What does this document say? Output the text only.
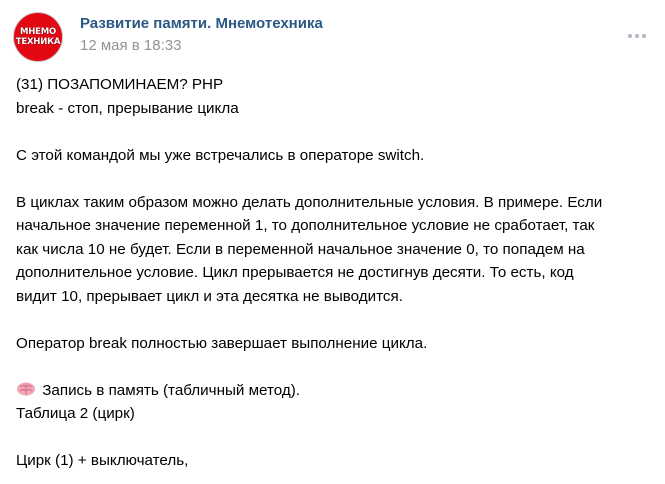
МНЕМО
ТЕХНИКА
Развитие памяти. Мнемотехника
12 мая в 18:33

(31) ПОЗАПОМИНАЕМ? PHP

break - стоп, прерывание цикла

С этой командой мы уже встречались в операторе switch.

В циклах таким образом можно делать дополнительные условия. В примере. Если

начальное значение переменной 1, то дополнительное условие не сработает, так

как числа 10 не будет. Если в переменной начальное значение 0, то попадем на

дополнительное условие. Цикл прерывается не достигнув десяти. То есть, код

видит 10, прерывает цикл и эта десятка не выводится.

Оператор break полностью завершает выполнение цикла.

Запись в память (табличный метод).

Таблица 2 (цирк)

Цирк (1) + выключатель,
